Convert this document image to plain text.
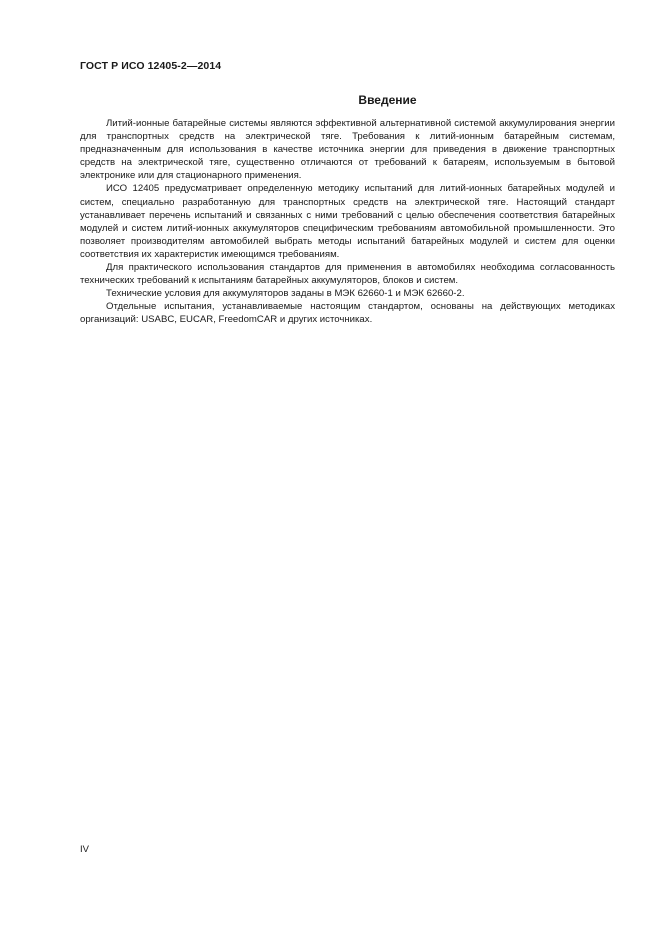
ГОСТ Р ИСО 12405-2—2014
Введение

Литий-ионные батарейные системы являются эффективной альтернативной системой аккумулирования энергии для транспортных средств на электрической тяге. Требования к литий-ионным батарейным системам, предназначенным для использования в качестве источника энергии для приведения в движение транспортных средств на электрической тяге, существенно отличаются от требований к батареям, используемым в бытовой электронике или для стационарного применения.

ИСО 12405 предусматривает определенную методику испытаний для литий-ионных батарейных модулей и систем, специально разработанную для транспортных средств на электрической тяге. Настоящий стандарт устанавливает перечень испытаний и связанных с ними требований с целью обеспечения соответствия батарейных модулей и систем литий-ионных аккумуляторов специфическим требованиям автомобильной промышленности. Это позволяет производителям автомобилей выбрать методы испытаний батарейных модулей и систем для оценки соответствия их характеристик имеющимся требованиям.

Для практического использования стандартов для применения в автомобилях необходима согласованность технических требований к испытаниям батарейных аккумуляторов, блоков и систем.

Технические условия для аккумуляторов заданы в МЭК 62660-1 и МЭК 62660-2.

Отдельные испытания, устанавливаемые настоящим стандартом, основаны на действующих методиках организаций: USABC, EUCAR, FreedomCAR и других источниках.

IV
